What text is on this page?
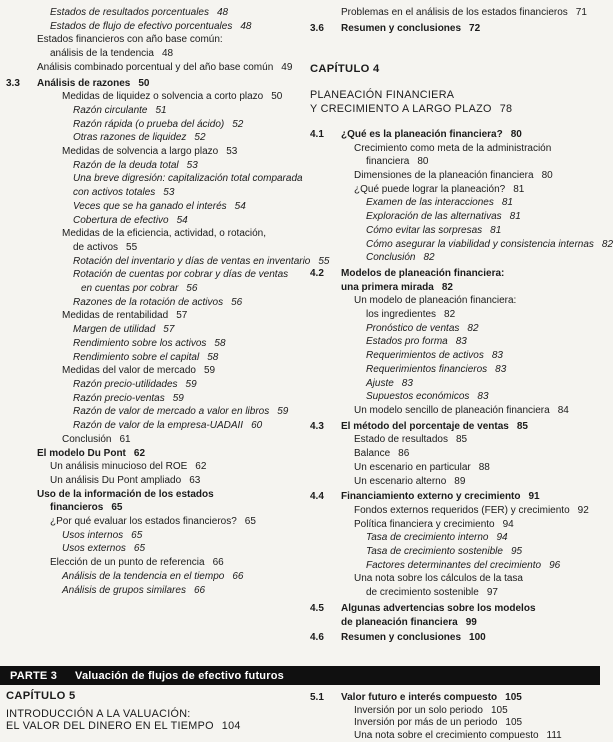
Estados de resultados porcentuales 48
Estados de flujo de efectivo porcentuales 48
Estados financieros con año base común:
análisis de la tendencia 48
Análisis combinado porcentual y del año base común 49
3.3 Análisis de razones 50
Medidas de liquidez o solvencia a corto plazo 50
Razón circulante 51
Razón rápida (o prueba del ácido) 52
Otras razones de liquidez 52
Medidas de solvencia a largo plazo 53
Razón de la deuda total 53
Una breve digresión: capitalización total comparada
con activos totales 53
Veces que se ha ganado el interés 54
Cobertura de efectivo 54
Medidas de la eficiencia, actividad, o rotación,
de activos 55
Rotación del inventario y días de ventas en inventario 55
Rotación de cuentas por cobrar y días de ventas
en cuentas por cobrar 56
Razones de la rotación de activos 56
Medidas de rentabilidad 57
Margen de utilidad 57
Rendimiento sobre los activos 58
Rendimiento sobre el capital 58
Medidas del valor de mercado 59
Razón precio-utilidades 59
Razón precio-ventas 59
Razón de valor de mercado a valor en libros 59
Razón de valor de la empresa-UADAII 60
Conclusión 61
El modelo Du Pont 62
Un análisis minucioso del ROE 62
Un análisis Du Pont ampliado 63
Uso de la información de los estados
financieros 65
¿Por qué evaluar los estados financieros? 65
Usos internos 65
Usos externos 65
Elección de un punto de referencia 66
Análisis de la tendencia en el tiempo 66
Análisis de grupos similares 66
Problemas en el análisis de los estados financieros 71
3.6 Resumen y conclusiones 72
CAPÍTULO 4
PLANEACIÓN FINANCIERA
Y CRECIMIENTO A LARGO PLAZO 78
4.1 ¿Qué es la planeación financiera? 80
Crecimiento como meta de la administración
financiera 80
Dimensiones de la planeación financiera 80
¿Qué puede lograr la planeación? 81
Examen de las interacciones 81
Exploración de las alternativas 81
Cómo evitar las sorpresas 81
Cómo asegurar la viabilidad y consistencia internas 82
Conclusión 82
4.2 Modelos de planeación financiera:
una primera mirada 82
Un modelo de planeación financiera:
los ingredientes 82
Pronóstico de ventas 82
Estados pro forma 83
Requerimientos de activos 83
Requerimientos financieros 83
Ajuste 83
Supuestos económicos 83
Un modelo sencillo de planeación financiera 84
4.3 El método del porcentaje de ventas 85
Estado de resultados 85
Balance 86
Un escenario en particular 88
Un escenario alterno 89
4.4 Financiamiento externo y crecimiento 91
Fondos externos requeridos (FER) y crecimiento 92
Política financiera y crecimiento 94
Tasa de crecimiento interno 94
Tasa de crecimiento sostenible 95
Factores determinantes del crecimiento 96
Una nota sobre los cálculos de la tasa
de crecimiento sostenible 97
4.5 Algunas advertencias sobre los modelos
de planeación financiera 99
4.6 Resumen y conclusiones 100
PARTE 3 Valuación de flujos de efectivo futuros
CAPÍTULO 5
INTRODUCCIÓN A LA VALUACIÓN:
EL VALOR DEL DINERO EN EL TIEMPO 104
5.1 Valor futuro e interés compuesto 105
Inversión por un solo periodo 105
Inversión por más de un periodo 105
Una nota sobre el crecimiento compuesto 111
